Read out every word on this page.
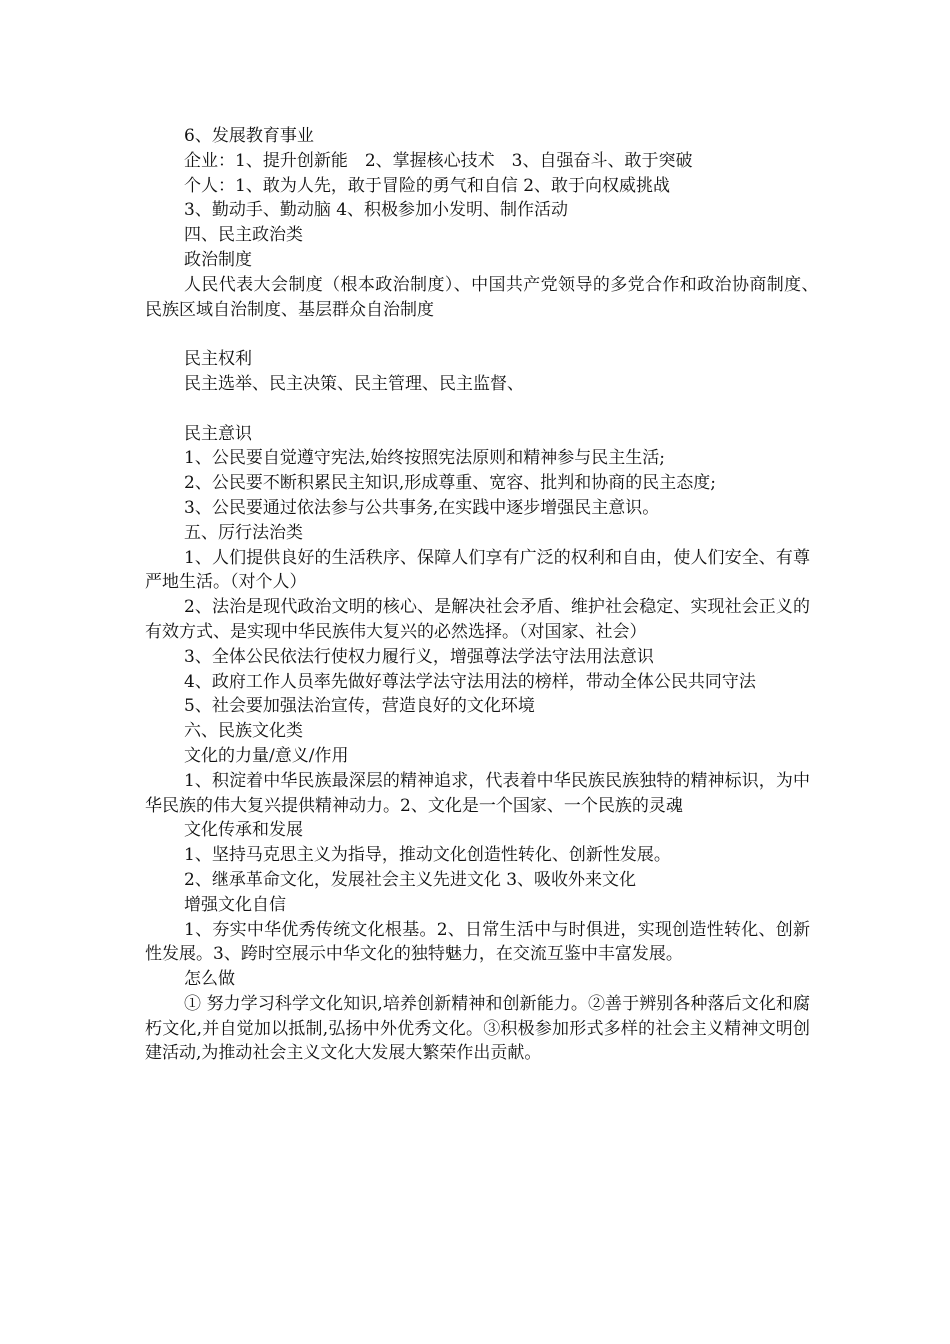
6、发展教育事业

企业：1、提升创新能　2、掌握核心技术　3、自强奋斗、敢于突破

个人：1、敢为人先，敢于冒险的勇气和自信 2、敢于向权威挑战

3、勤动手、勤动脑 4、积极参加小发明、制作活动

四、民主政治类

政治制度

人民代表大会制度（根本政治制度）、中国共产党领导的多党合作和政治协商制度、　民族区域自治制度、基层群众自治制度

民主权利

民主选举、民主决策、民主管理、民主监督、

民主意识

1、公民要自觉遵守宪法,始终按照宪法原则和精神参与民主生活;

2、公民要不断积累民主知识,形成尊重、宽容、批判和协商的民主态度;

3、公民要通过依法参与公共事务,在实践中逐步增强民主意识。

五、厉行法治类

1、人们提供良好的生活秩序、保障人们享有广泛的权利和自由，使人们安全、有尊严地生活。（对个人）

2、法治是现代政治文明的核心、是解决社会矛盾、维护社会稳定、实现社会正义的有效方式、是实现中华民族伟大复兴的必然选择。（对国家、社会）

3、全体公民依法行使权力履行义，增强尊法学法守法用法意识

4、政府工作人员率先做好尊法学法守法用法的榜样，带动全体公民共同守法

5、社会要加强法治宣传，营造良好的文化环境

六、民族文化类

文化的力量/意义/作用

1、积淀着中华民族最深层的精神追求，代表着中华民族民族独特的精神标识，为中华民族的伟大复兴提供精神动力。2、文化是一个国家、一个民族的灵魂

文化传承和发展

1、坚持马克思主义为指导，推动文化创造性转化、创新性发展。

2、继承革命文化，发展社会主义先进文化 3、吸收外来文化

增强文化自信

1、夯实中华优秀传统文化根基。2、日常生活中与时俱进，实现创造性转化、创新性发展。3、跨时空展示中华文化的独特魅力，在交流互鉴中丰富发展。

怎么做

① 努力学习科学文化知识,培养创新精神和创新能力。②善于辨别各种落后文化和腐朽文化,并自觉加以抵制,弘扬中外优秀文化。③积极参加形式多样的社会主义精神文明创建活动,为推动社会主义文化大发展大繁荣作出贡献。
